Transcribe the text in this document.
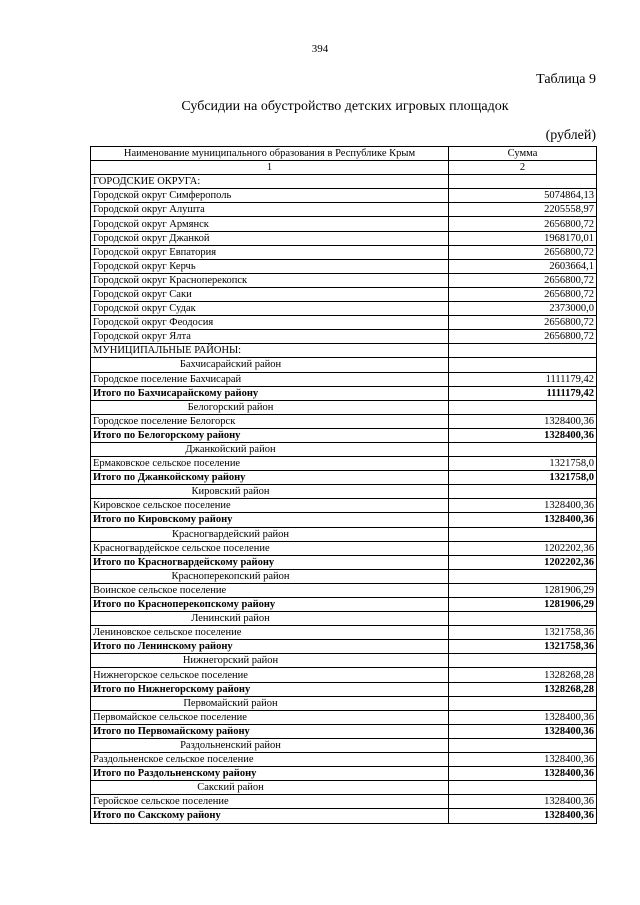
394
Таблица 9
Субсидии на обустройство детских игровых площадок
(рублей)
Наименование муниципального образования в Республике Крым	Сумма
1	2
ГОРОДСКИЕ ОКРУГА:	
Городской округ Симферополь	5074864,13
Городской округ Алушта	2205558,97
Городской округ Армянск	2656800,72
Городской округ Джанкой	1968170,01
Городской округ Евпатория	2656800,72
Городской округ Керчь	2603664,1
Городской округ Красноперекопск	2656800,72
Городской округ Саки	2656800,72
Городской округ Судак	2373000,0
Городской округ Феодосия	2656800,72
Городской округ Ялта	2656800,72
МУНИЦИПАЛЬНЫЕ РАЙОНЫ:	
Бахчисарайский район	
Городское поселение Бахчисарай	1111179,42
Итого по Бахчисарайскому району	1111179,42
Белогорский район	
Городское поселение Белогорск	1328400,36
Итого по Белогорскому району	1328400,36
Джанкойский район	
Ермаковское сельское поселение	1321758,0
Итого по Джанкойскому району	1321758,0
Кировский район	
Кировское сельское поселение	1328400,36
Итого по Кировскому району	1328400,36
Красногвардейский район	
Красногвардейское сельское поселение	1202202,36
Итого по Красногвардейскому району	1202202,36
Красноперекопский район	
Воинское сельское поселение	1281906,29
Итого по Красноперекопскому району	1281906,29
Ленинский район	
Лениновское сельское поселение	1321758,36
Итого по Ленинскому району	1321758,36
Нижнегорский район	
Нижнегорское сельское поселение	1328268,28
Итого по Нижнегорскому району	1328268,28
Первомайский район	
Первомайское сельское поселение	1328400,36
Итого по Первомайскому району	1328400,36
Раздольненский район	
Раздольненское сельское поселение	1328400,36
Итого по Раздольненскому району	1328400,36
Сакский район	
Геройское сельское поселение	1328400,36
Итого по Сакскому району	1328400,36
